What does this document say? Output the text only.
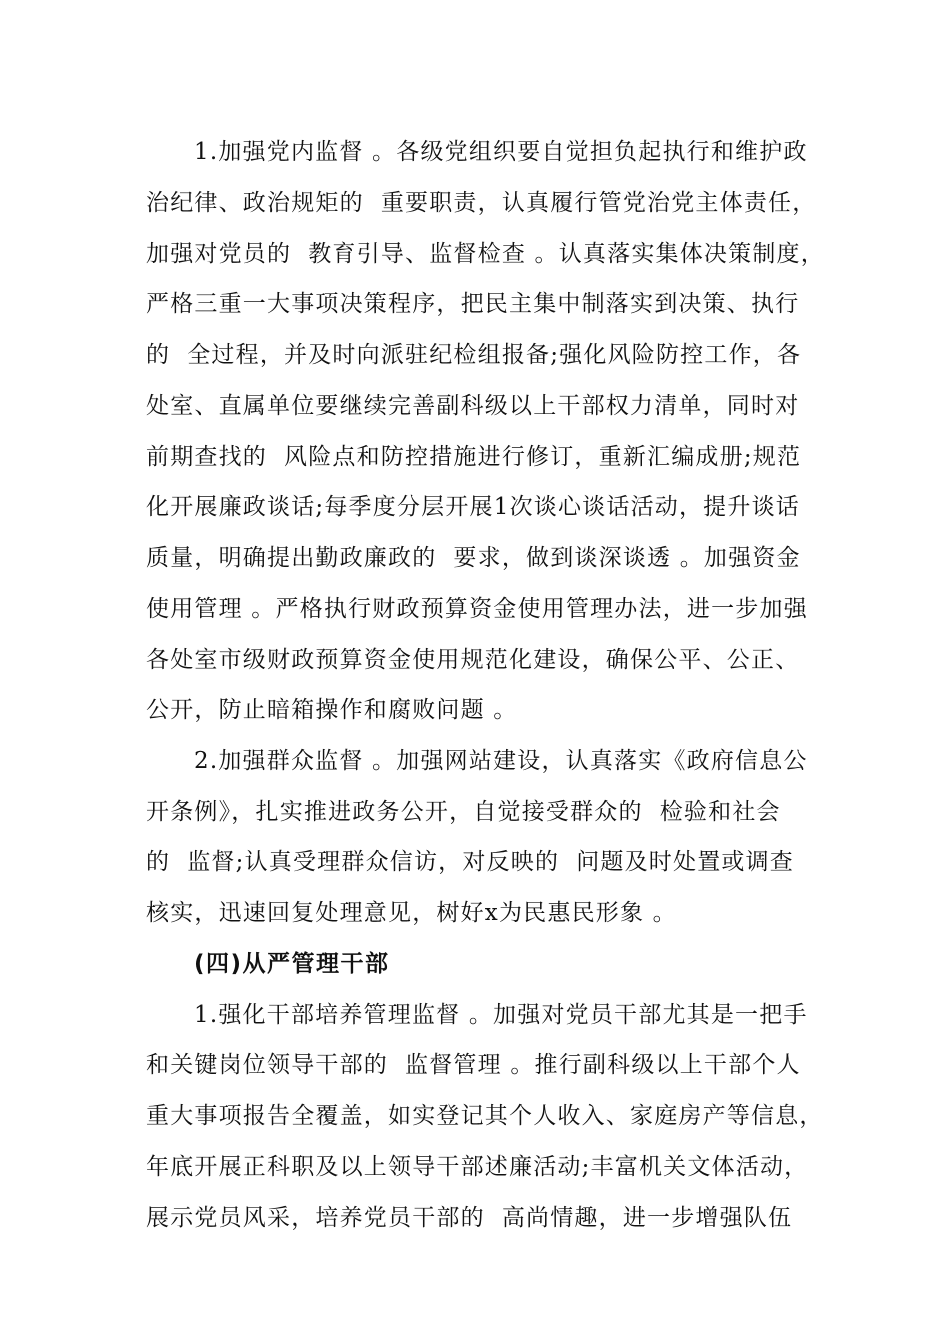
1.加强党内监督 。各级党组织要自觉担负起执行和维护政
治纪律、政治规矩的  重要职责，认真履行管党治党主体责任，
加强对党员的  教育引导、监督检查 。认真落实集体决策制度，
严格三重一大事项决策程序，把民主集中制落实到决策、执行
的  全过程，并及时向派驻纪检组报备;强化风险防控工作，各
处室、直属单位要继续完善副科级以上干部权力清单，同时对
前期查找的  风险点和防控措施进行修订，重新汇编成册;规范
化开展廉政谈话;每季度分层开展1次谈心谈话活动，提升谈话
质量，明确提出勤政廉政的  要求，做到谈深谈透 。加强资金
使用管理 。严格执行财政预算资金使用管理办法，进一步加强
各处室市级财政预算资金使用规范化建设，确保公平、公正、
公开，防止暗箱操作和腐败问题 。
2.加强群众监督 。加强网站建设，认真落实《政府信息公
开条例》，扎实推进政务公开，自觉接受群众的  检验和社会
的  监督;认真受理群众信访，对反映的  问题及时处置或调查
核实，迅速回复处理意见，树好x为民惠民形象 。
(四)从严管理干部
1.强化干部培养管理监督 。加强对党员干部尤其是一把手
和关键岗位领导干部的  监督管理 。推行副科级以上干部个人
重大事项报告全覆盖，如实登记其个人收入、家庭房产等信息，
年底开展正科职及以上领导干部述廉活动;丰富机关文体活动，
展示党员风采，培养党员干部的  高尚情趣，进一步增强队伍
